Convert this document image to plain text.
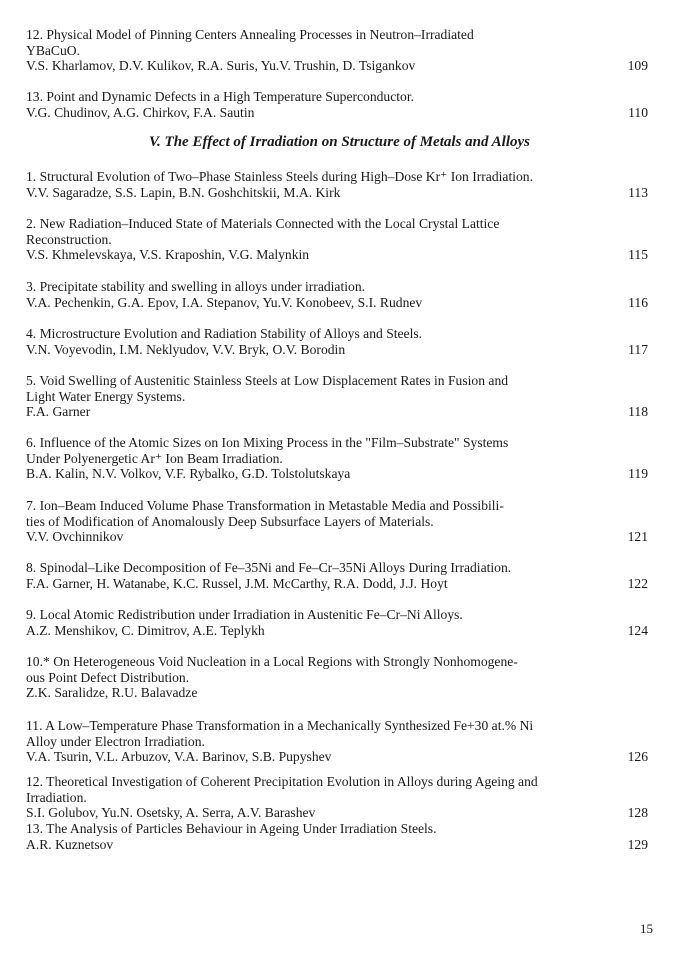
12. Physical Model of Pinning Centers Annealing Processes in Neutron–Irradiated
YBaCuO.
V.S. Kharlamov, D.V. Kulikov, R.A. Suris, Yu.V. Trushin, D. Tsigankov	109
13. Point and Dynamic Defects in a High Temperature Superconductor.
V.G. Chudinov, A.G. Chirkov, F.A. Sautin	110
V. The Effect of Irradiation on Structure of Metals and Alloys
1. Structural Evolution of Two–Phase Stainless Steels during High–Dose Kr⁺ Ion Irradiation.
V.V. Sagaradze, S.S. Lapin, B.N. Goshchitskii, M.A. Kirk	113
2. New Radiation–Induced State of Materials Connected with the Local Crystal Lattice
Reconstruction.
V.S. Khmelevskaya, V.S. Kraposhin, V.G. Malynkin	115
3. Precipitate stability and swelling in alloys under irradiation.
V.A. Pechenkin, G.A. Epov, I.A. Stepanov, Yu.V. Konobeev, S.I. Rudnev	116
4. Microstructure Evolution and Radiation Stability of Alloys and Steels.
V.N. Voyevodin, I.M. Neklyudov, V.V. Bryk, O.V. Borodin	117
5. Void Swelling of Austenitic Stainless Steels at Low Displacement Rates in Fusion and
Light Water Energy Systems.
F.A. Garner	118
6. Influence of the Atomic Sizes on Ion Mixing Process in the "Film–Substrate" Systems
Under Polyenergetic Ar⁺ Ion Beam Irradiation.
B.A. Kalin, N.V. Volkov, V.F. Rybalko, G.D. Tolstolutskaya	119
7. Ion–Beam Induced Volume Phase Transformation in Metastable Media and Possibili-
ties of Modification of Anomalously Deep Subsurface Layers of Materials.
V.V. Ovchinnikov	121
8. Spinodal–Like Decomposition of Fe–35Ni and Fe–Cr–35Ni Alloys During Irradiation.
F.A. Garner, H. Watanabe, K.C. Russel, J.M. McCarthy, R.A. Dodd, J.J. Hoyt	122
9. Local Atomic Redistribution under Irradiation in Austenitic Fe–Cr–Ni Alloys.
A.Z. Menshikov, C. Dimitrov, A.E. Teplykh	124
10.* On Heterogeneous Void Nucleation in a Local Regions with Strongly Nonhomogene-
ous Point Defect Distribution.
Z.K. Saralidze, R.U. Balavadze
11. A Low–Temperature Phase Transformation in a Mechanically Synthesized Fe+30 at.% Ni
Alloy under Electron Irradiation.
V.A. Tsurin, V.L. Arbuzov, V.A. Barinov, S.B. Pupyshev	126
12. Theoretical Investigation of Coherent Precipitation Evolution in Alloys during Ageing and
Irradiation.
S.I. Golubov, Yu.N. Osetsky, A. Serra, A.V. Barashev	128
13. The Analysis of Particles Behaviour in Ageing Under Irradiation Steels.
A.R. Kuznetsov	129
15
